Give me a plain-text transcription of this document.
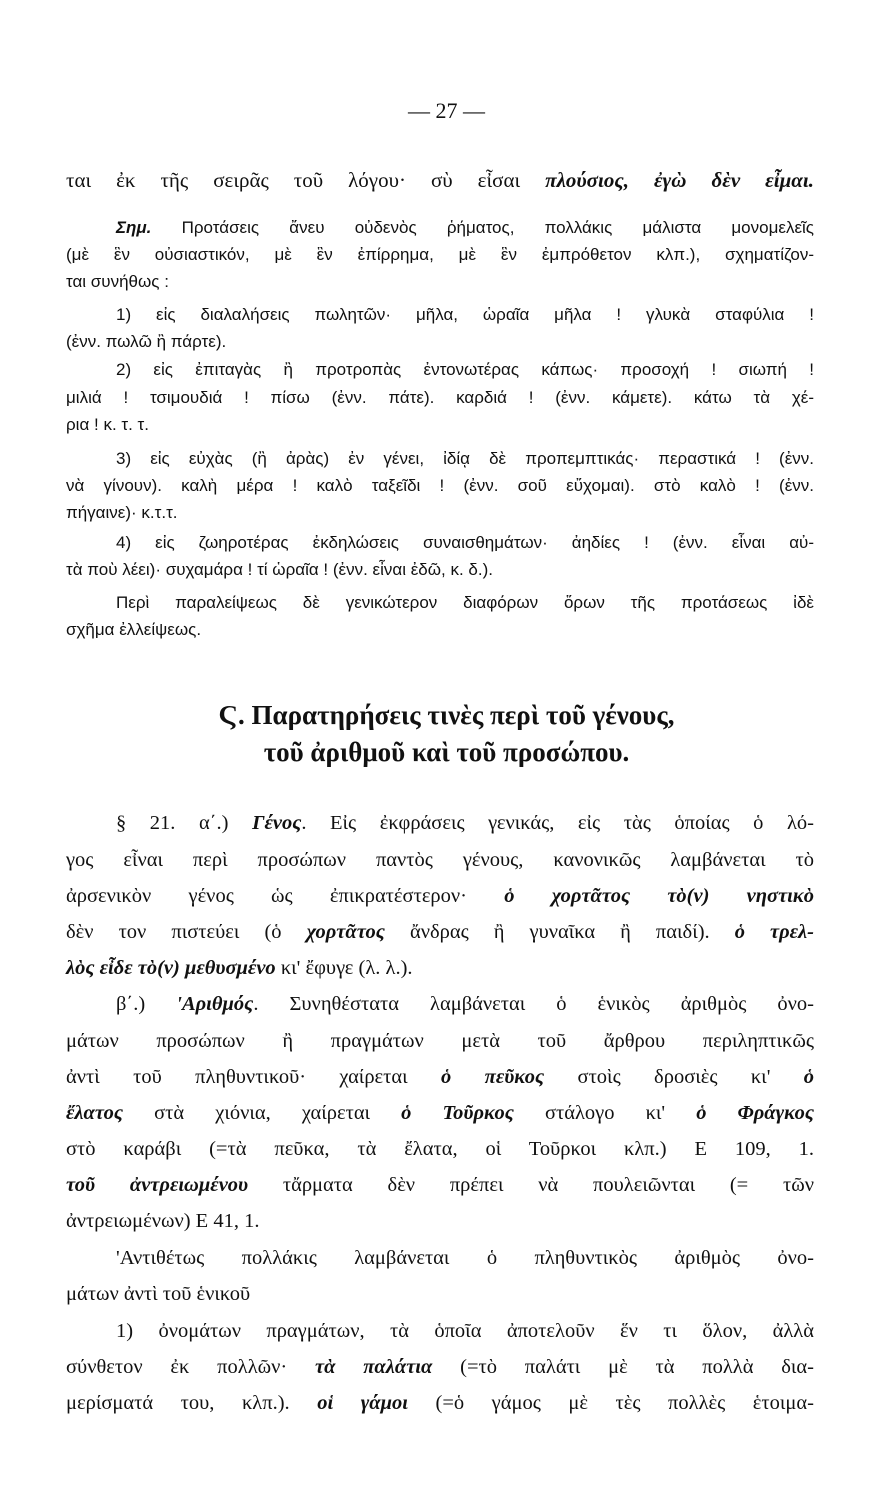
— 27 —
ται ἐκ τῆς σειρᾶς τοῦ λόγου· σὺ εἶσαι πλούσιος, ἐγὼ δὲν εἶμαι.
Σημ. Προτάσεις ἄνευ οὐδενὸς ῥήματος, πολλάκις μάλιστα μονομελεῖς
(μὲ ἓν οὐσιαστικόν, μὲ ἓν ἐπίρρημα, μὲ ἓν ἐμπρόθετον κλπ.), σχηματίζον-
ται συνήθως :
1) εἰς διαλαλήσεις πωλητῶν· μῆλα, ὡραῖα μῆλα ! γλυκὰ σταφύλια !
(ἐνν. πωλῶ ἢ πάρτε).
2) εἰς ἐπιταγὰς ἢ προτροπὰς ἐντονωτέρας κάπως· προσοχή ! σιωπή !
μιλιά ! τσιμουδιά ! πίσω (ἐνν. πάτε). καρδιά ! (ἐνν. κάμετε). κάτω τὰ χέ-
ρια ! κ. τ. τ.
3) εἰς εὐχὰς (ἢ ἀρὰς) ἐν γένει, ἰδίᾳ δὲ προπεμπτικάς· περαστικά ! (ἐνν.
νὰ γίνουν). καλὴ μέρα ! καλὸ ταξεῖδι ! (ἐνν. σοῦ εὔχομαι). στὸ καλὸ ! (ἐνν.
πήγαινε)· κ.τ.τ.
4) εἰς ζωηροτέρας ἐκδηλώσεις συναισθημάτων· ἀηδίες ! (ἐνν. εἶναι αὐ-
τὰ ποὺ λέει)· συχαμάρα ! τί ὡραῖα ! (ἐνν. εἶναι ἐδῶ, κ. δ.).
Περὶ παραλείψεως δὲ γενικώτερον διαφόρων ὅρων τῆς προτάσεως ἰδὲ
σχῆμα ἐλλείψεως.
Ϛ. Παρατηρήσεις τινὲς περὶ τοῦ γένους,
τοῦ ἀριθμοῦ καὶ τοῦ προσώπου.
§ 21. α΄.) Γένος. Εἰς ἐκφράσεις γενικάς, εἰς τὰς ὁποίας ὁ λό-
γος εἶναι περὶ προσώπων παντὸς γένους, κανονικῶς λαμβάνεται τὸ
ἀρσενικὸν γένος ὡς ἐπικρατέστερον· ὁ χορτᾶτος τὸ(ν) νηστικὸ
δὲν τον πιστεύει (ὁ χορτᾶτος ἄνδρας ἢ γυναῖκα ἢ παιδί). ὁ τρελ-
λὸς εἶδε τὸ(ν) μεθυσμένο κι' ἔφυγε (λ. λ.).
β΄.) 'Αριθμός. Συνηθέστατα λαμβάνεται ὁ ἑνικὸς ἀριθμὸς ὀνο-
μάτων προσώπων ἢ πραγμάτων μετὰ τοῦ ἄρθρου περιληπτικῶς
ἀντὶ τοῦ πληθυντικοῦ· χαίρεται ὁ πεῦκος στοὶς δροσιὲς κι' ὁ
ἔλατος στὰ χιόνια, χαίρεται ὁ Τοῦρκος στάλογο κι' ὁ Φράγκος
στὸ καράβι (=τὰ πεῦκα, τὰ ἔλατα, οἱ Τοῦρκοι κλπ.) Ε 109, 1.
τοῦ ἀντρειωμένου τἄρματα δὲν πρέπει νὰ πουλειῶνται (= τῶν
ἀντρειωμένων) Ε 41, 1.
'Αντιθέτως πολλάκις λαμβάνεται ὁ πληθυντικὸς ἀριθμὸς ὀνο-
μάτων ἀντὶ τοῦ ἑνικοῦ
1) ὀνομάτων πραγμάτων, τὰ ὁποῖα ἀποτελοῦν ἕν τι ὅλον, ἀλλὰ
σύνθετον ἐκ πολλῶν· τὰ παλάτια (=τὸ παλάτι μὲ τὰ πολλὰ δια-
μερίσματά του, κλπ.). οἱ γάμοι (=ὁ γάμος μὲ τὲς πολλὲς ἑτοιμα-
